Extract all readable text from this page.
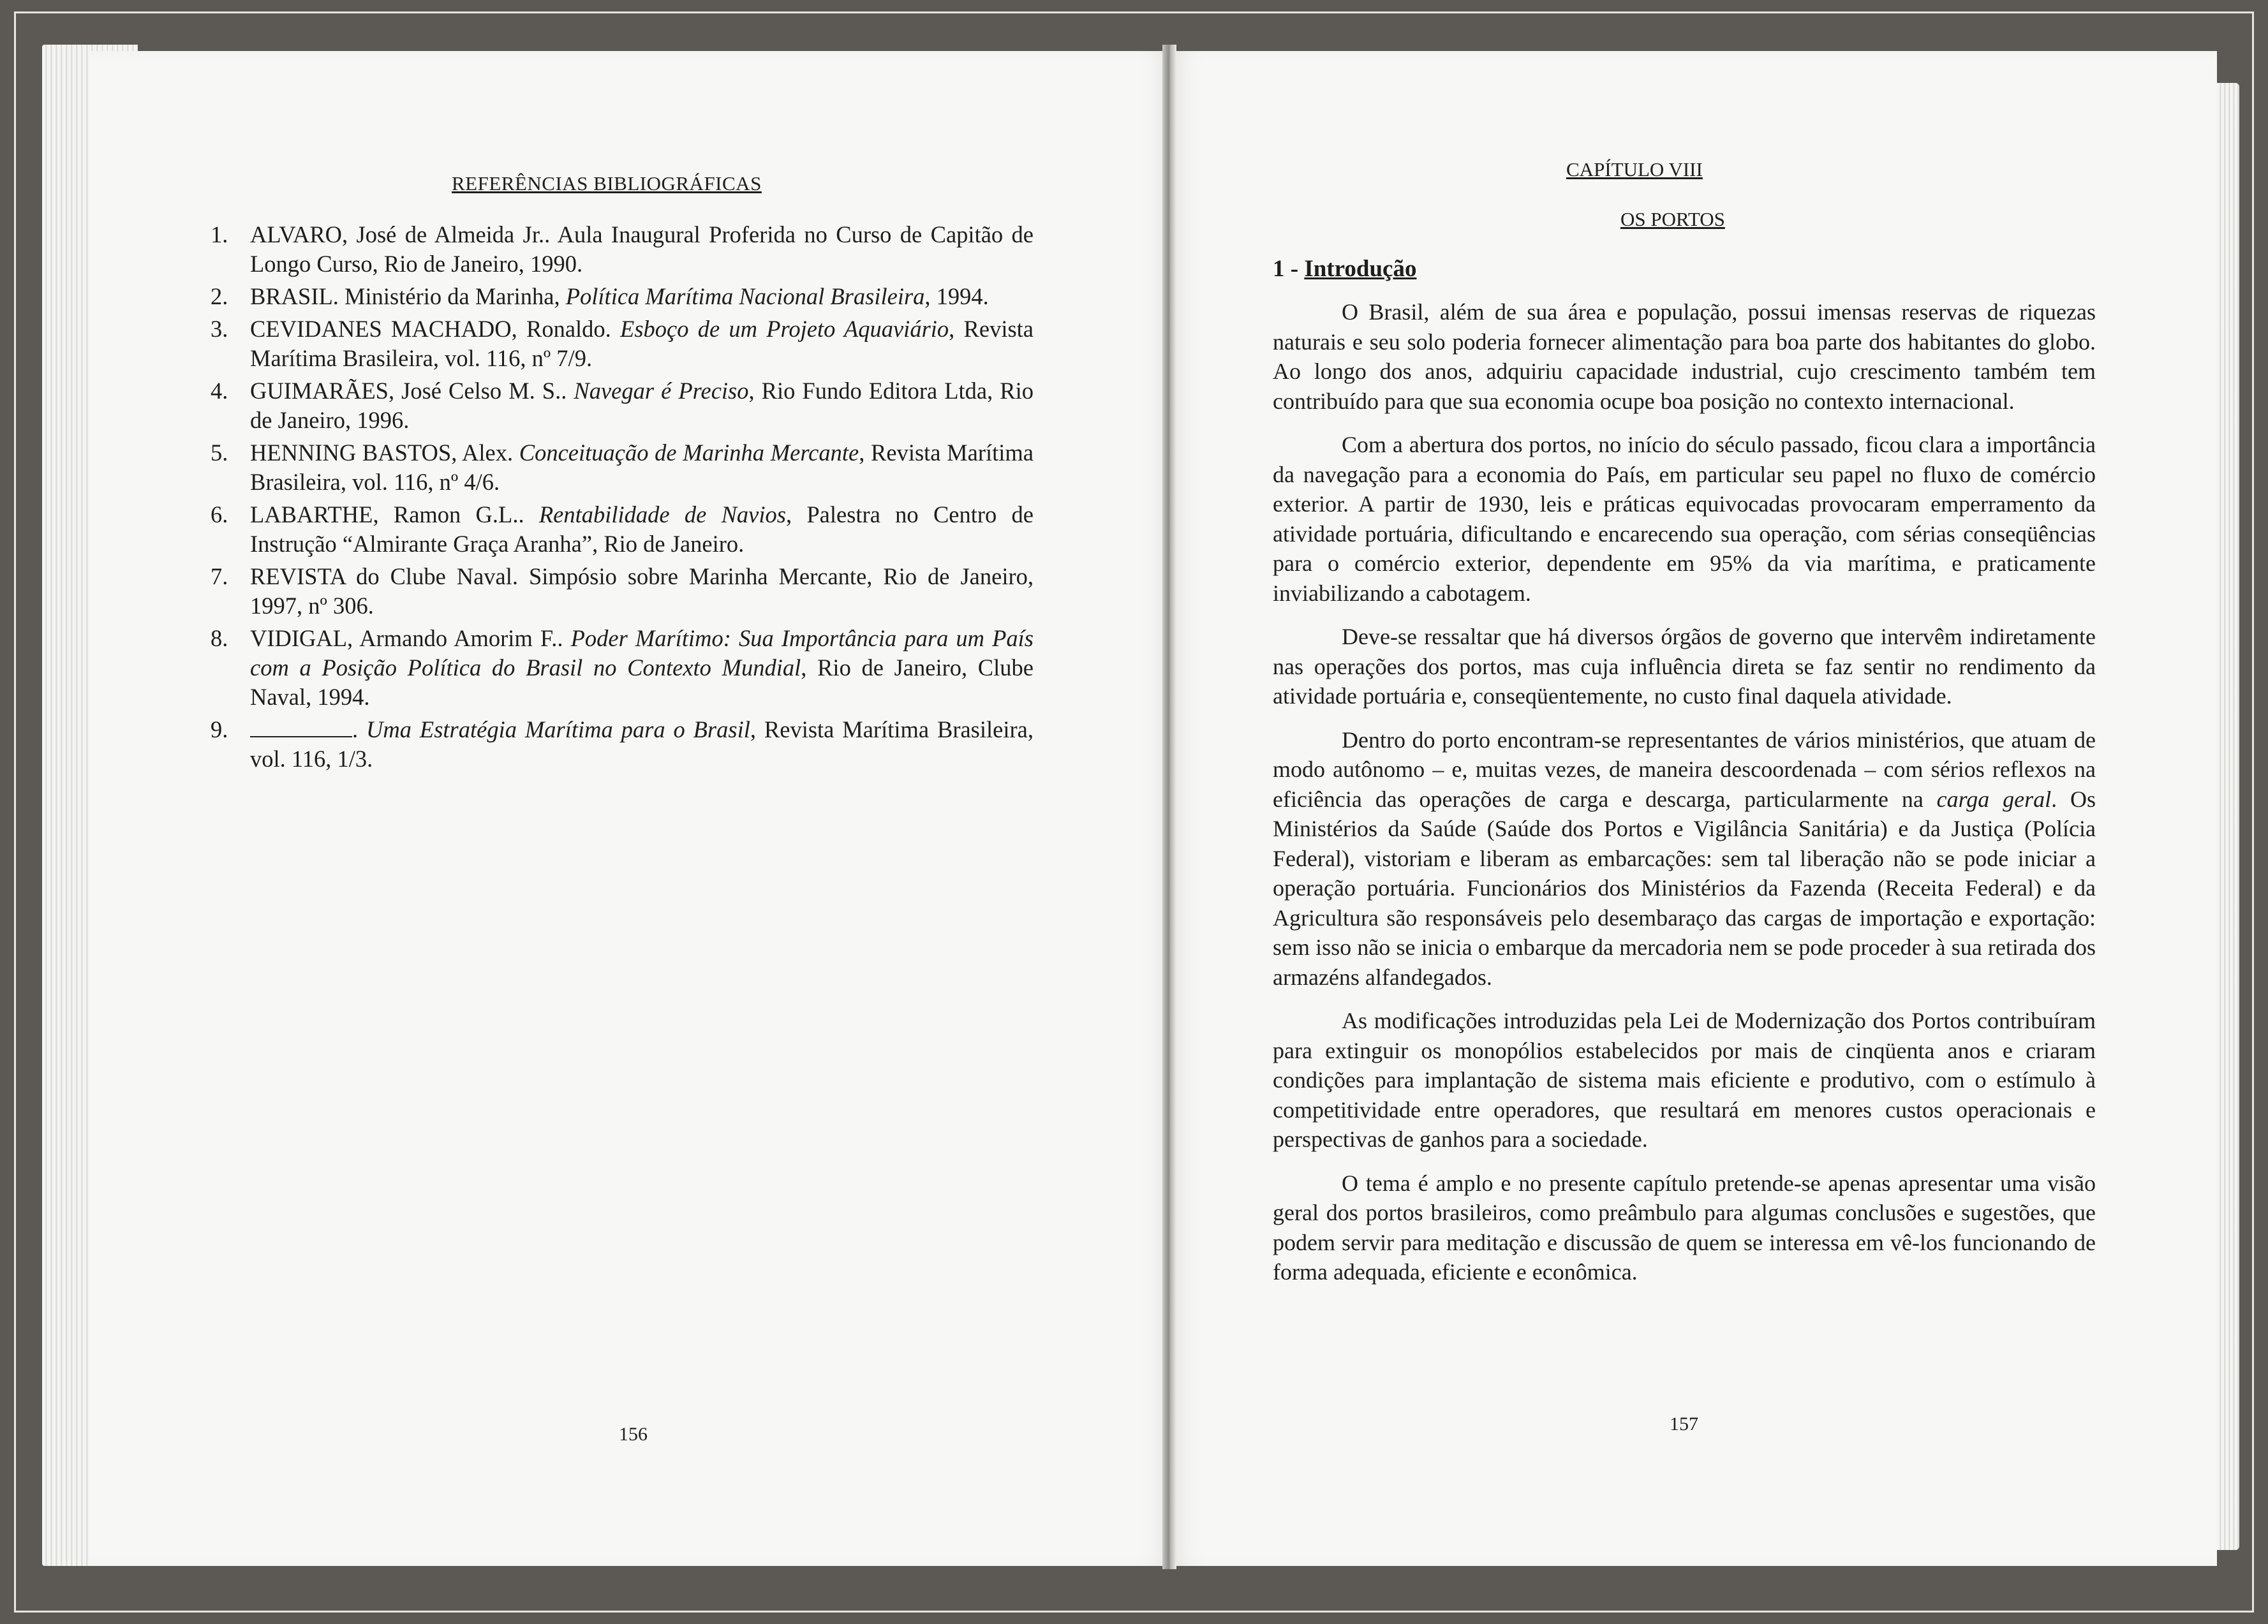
REFERÊNCIAS BIBLIOGRÁFICAS
1. ALVARO, José de Almeida Jr.. Aula Inaugural Proferida no Curso de Capitão de Longo Curso, Rio de Janeiro, 1990.
2. BRASIL. Ministério da Marinha, Política Marítima Nacional Brasileira, 1994.
3. CEVIDANES MACHADO, Ronaldo. Esboço de um Projeto Aquaviário, Revista Marítima Brasileira, vol. 116, nº 7/9.
4. GUIMARÃES, José Celso M. S.. Navegar é Preciso, Rio Fundo Editora Ltda, Rio de Janeiro, 1996.
5. HENNING BASTOS, Alex. Conceituação de Marinha Mercante, Revista Marítima Brasileira, vol. 116, nº 4/6.
6. LABARTHE, Ramon G.L.. Rentabilidade de Navios, Palestra no Centro de Instrução “Almirante Graça Aranha”, Rio de Janeiro.
7. REVISTA do Clube Naval. Simpósio sobre Marinha Mercante, Rio de Janeiro, 1997, nº 306.
8. VIDIGAL, Armando Amorim F.. Poder Marítimo: Sua Importância para um País com a Posição Política do Brasil no Contexto Mundial, Rio de Janeiro, Clube Naval, 1994.
9.	. Uma Estratégia Marítima para o Brasil, Revista Marítima Brasileira, vol. 116, 1/3.
156
CAPÍTULO VIII
OS PORTOS
1 - Introdução

O Brasil, além de sua área e população, possui imensas reservas de riquezas naturais e seu solo poderia fornecer alimentação para boa parte dos habitantes do globo. Ao longo dos anos, adquiriu capacidade industrial, cujo crescimento também tem contribuído para que sua economia ocupe boa posição no contexto internacional.

Com a abertura dos portos, no início do século passado, ficou clara a importância da navegação para a economia do País, em particular seu papel no fluxo de comércio exterior. A partir de 1930, leis e práticas equivocadas provocaram emperramento da atividade portuária, dificultando e encarecendo sua operação, com sérias conseqüências para o comércio exterior, dependente em 95% da via marítima, e praticamente inviabilizando a cabotagem.

Deve-se ressaltar que há diversos órgãos de governo que intervêm indiretamente nas operações dos portos, mas cuja influência direta se faz sentir no rendimento da atividade portuária e, conseqüentemente, no custo final daquela atividade.

Dentro do porto encontram-se representantes de vários ministérios, que atuam de modo autônomo – e, muitas vezes, de maneira descoordenada – com sérios reflexos na eficiência das operações de carga e descarga, particularmente na carga geral. Os Ministérios da Saúde (Saúde dos Portos e Vigilância Sanitária) e da Justiça (Polícia Federal), vistoriam e liberam as embarcações: sem tal liberação não se pode iniciar a operação portuária. Funcionários dos Ministérios da Fazenda (Receita Federal) e da Agricultura são responsáveis pelo desembaraço das cargas de importação e exportação: sem isso não se inicia o embarque da mercadoria nem se pode proceder à sua retirada dos armazéns alfandegados.

As modificações introduzidas pela Lei de Modernização dos Portos contribuíram para extinguir os monopólios estabelecidos por mais de cinqüenta anos e criaram condições para implantação de sistema mais eficiente e produtivo, com o estímulo à competitividade entre operadores, que resultará em menores custos operacionais e perspectivas de ganhos para a sociedade.

O tema é amplo e no presente capítulo pretende-se apenas apresentar uma visão geral dos portos brasileiros, como preâmbulo para algumas conclusões e sugestões, que podem servir para meditação e discussão de quem se interessa em vê-los funcionando de forma adequada, eficiente e econômica.

157
